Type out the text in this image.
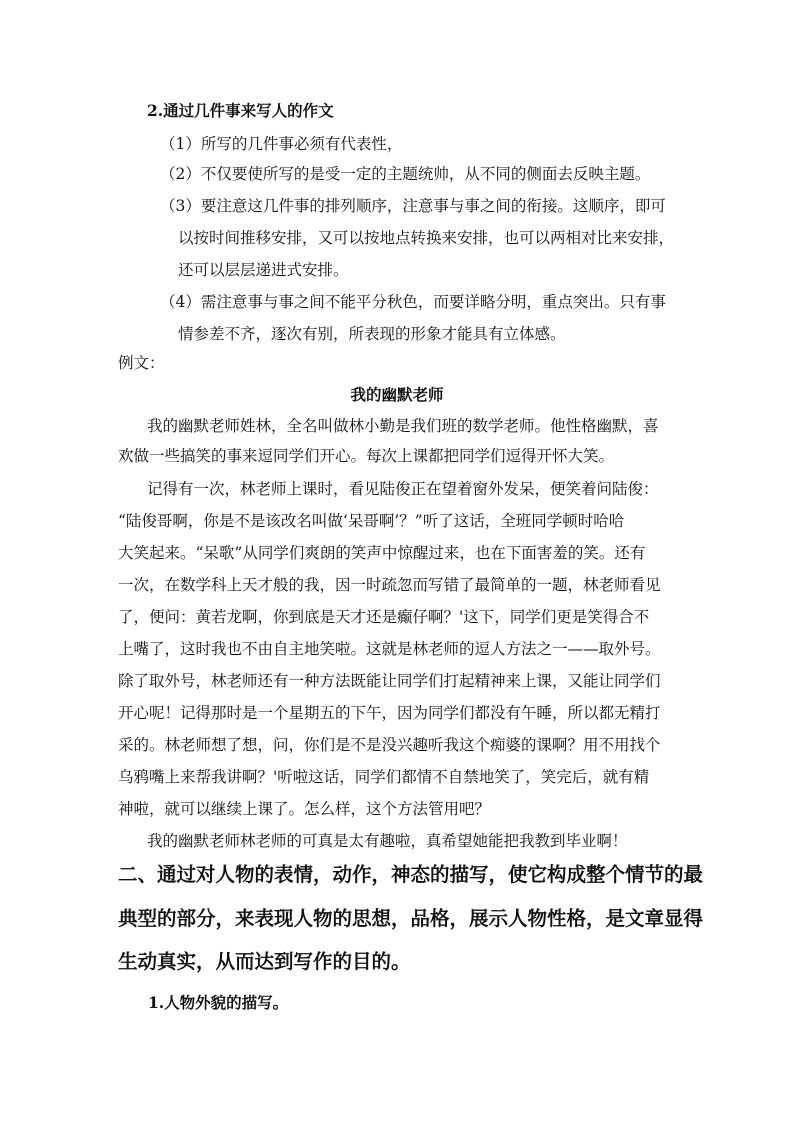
2.通过几件事来写人的作文
（1）所写的几件事必须有代表性，
（2）不仅要使所写的是受一定的主题统帅，从不同的侧面去反映主题。
（3）要注意这几件事的排列顺序，注意事与事之间的衔接。这顺序，即可
以按时间推移安排，又可以按地点转换来安排，也可以两相对比来安排，
还可以层层递进式安排。
（4）需注意事与事之间不能平分秋色，而要详略分明，重点突出。只有事
情参差不齐，逐次有别，所表现的形象才能具有立体感。
例文：
我的幽默老师
我的幽默老师姓林，全名叫做林小勤是我们班的数学老师。他性格幽默，喜
欢做一些搞笑的事来逗同学们开心。每次上课都把同学们逗得开怀大笑。
记得有一次，林老师上课时，看见陆俊正在望着窗外发呆，便笑着问陆俊：
“陆俊哥啊，你是不是该改名叫做‘呆哥啊’？”听了这话，全班同学顿时哈哈
大笑起来。“呆歌”从同学们爽朗的笑声中惊醒过来，也在下面害羞的笑。还有
一次，在数学科上天才般的我，因一时疏忽而写错了最简单的一题，林老师看见
了，便问：黄若龙啊，你到底是天才还是癫仔啊？'这下，同学们更是笑得合不
上嘴了，这时我也不由自主地笑啦。这就是林老师的逗人方法之一——取外号。
除了取外号，林老师还有一种方法既能让同学们打起精神来上课，又能让同学们
开心呢！记得那时是一个星期五的下午，因为同学们都没有午睡，所以都无精打
采的。林老师想了想，问，你们是不是没兴趣听我这个痴婆的课啊？用不用找个
乌鸦嘴上来帮我讲啊？'听啦这话，同学们都情不自禁地笑了，笑完后，就有精
神啦，就可以继续上课了。怎么样，这个方法管用吧？
我的幽默老师林老师的可真是太有趣啦，真希望她能把我教到毕业啊！
二、通过对人物的表情，动作，神态的描写，使它构成整个情节的最
典型的部分，来表现人物的思想，品格，展示人物性格，是文章显得
生动真实，从而达到写作的目的。
1.人物外貌的描写。
